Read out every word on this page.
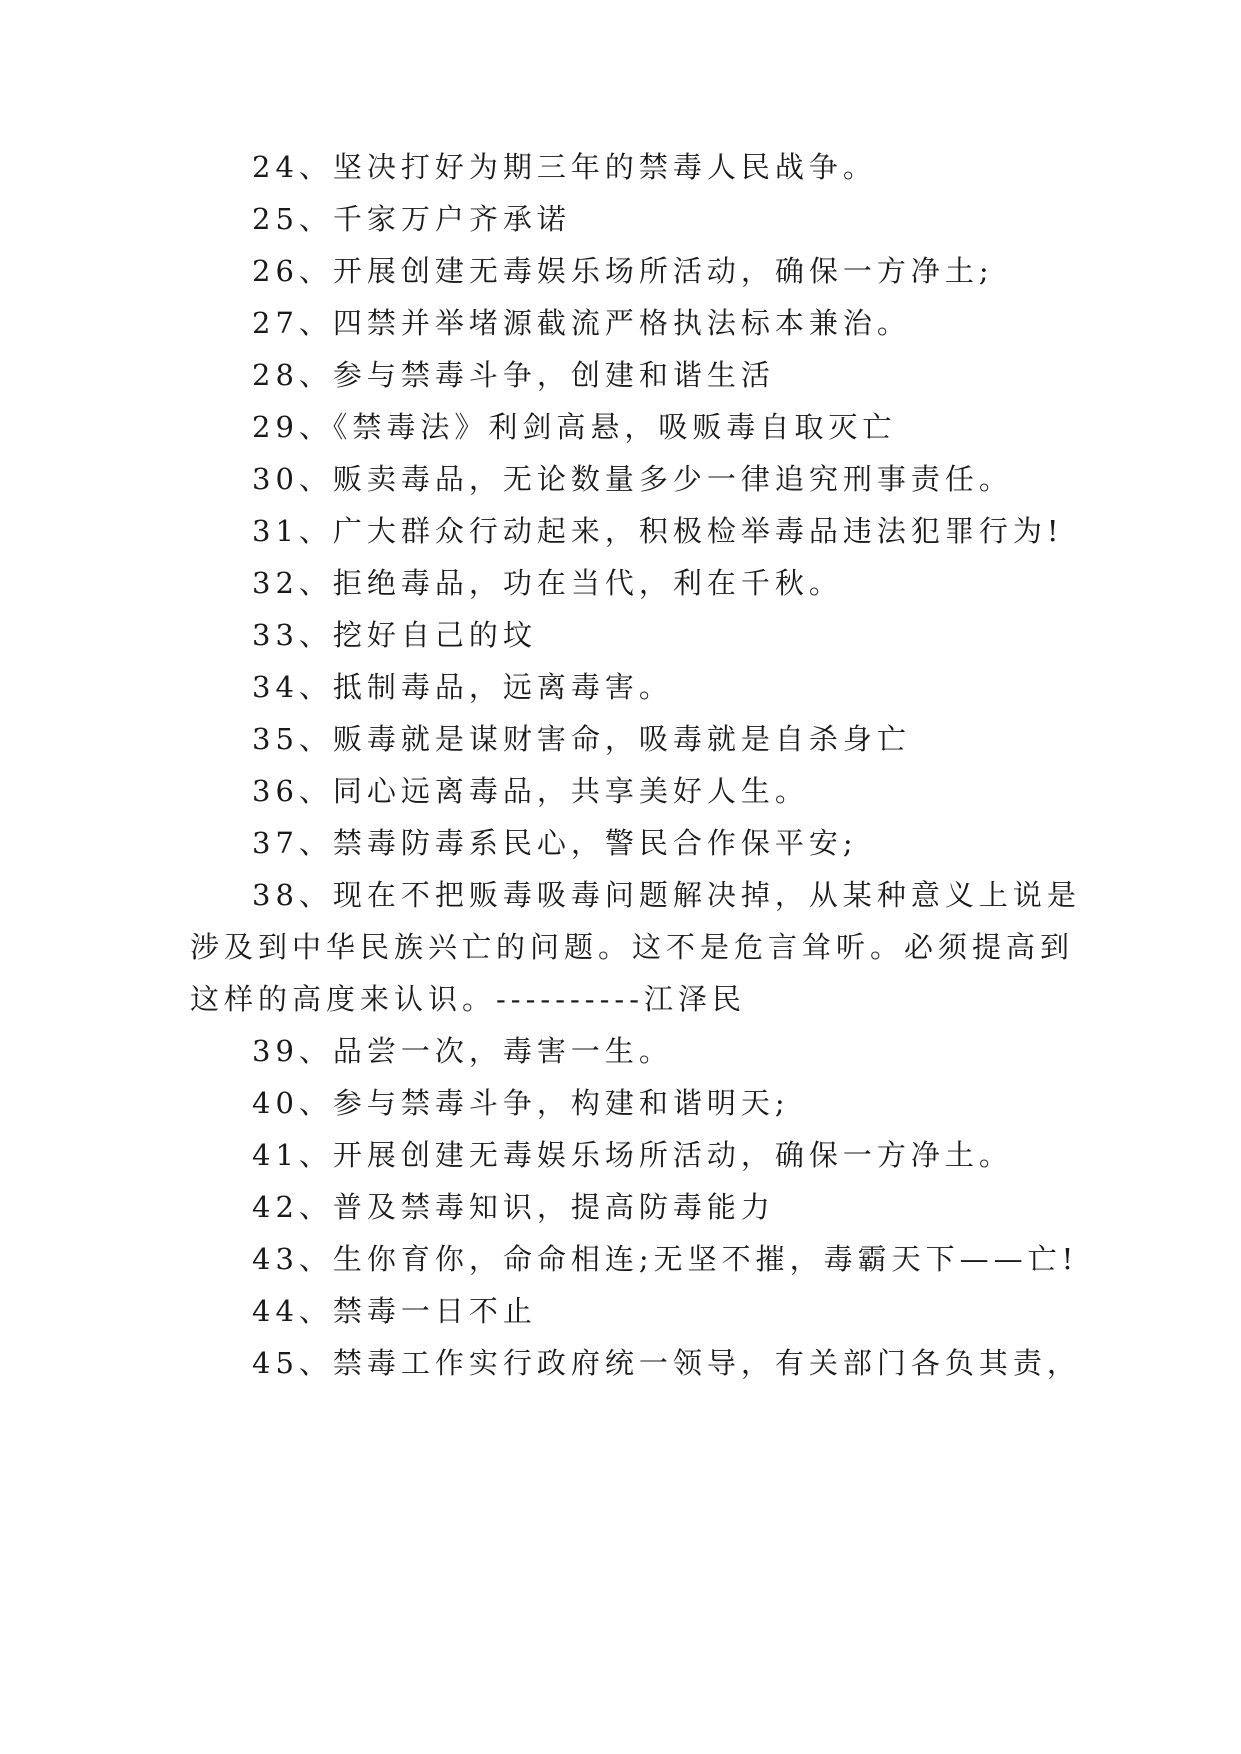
24、坚决打好为期三年的禁毒人民战争。
25、千家万户齐承诺
26、开展创建无毒娱乐场所活动，确保一方净土;
27、四禁并举堵源截流严格执法标本兼治。
28、参与禁毒斗争，创建和谐生活
29、《禁毒法》利剑高悬，吸贩毒自取灭亡
30、贩卖毒品，无论数量多少一律追究刑事责任。
31、广大群众行动起来，积极检举毒品违法犯罪行为!
32、拒绝毒品，功在当代，利在千秋。
33、挖好自己的坟
34、抵制毒品，远离毒害。
35、贩毒就是谋财害命，吸毒就是自杀身亡
36、同心远离毒品，共享美好人生。
37、禁毒防毒系民心，警民合作保平安;
38、现在不把贩毒吸毒问题解决掉，从某种意义上说是
涉及到中华民族兴亡的问题。这不是危言耸听。必须提高到
这样的高度来认识。----------江泽民
39、品尝一次，毒害一生。
40、参与禁毒斗争，构建和谐明天;
41、开展创建无毒娱乐场所活动，确保一方净土。
42、普及禁毒知识，提高防毒能力
43、生你育你，命命相连;无坚不摧，毒霸天下——亡!
44、禁毒一日不止
45、禁毒工作实行政府统一领导，有关部门各负其责，
